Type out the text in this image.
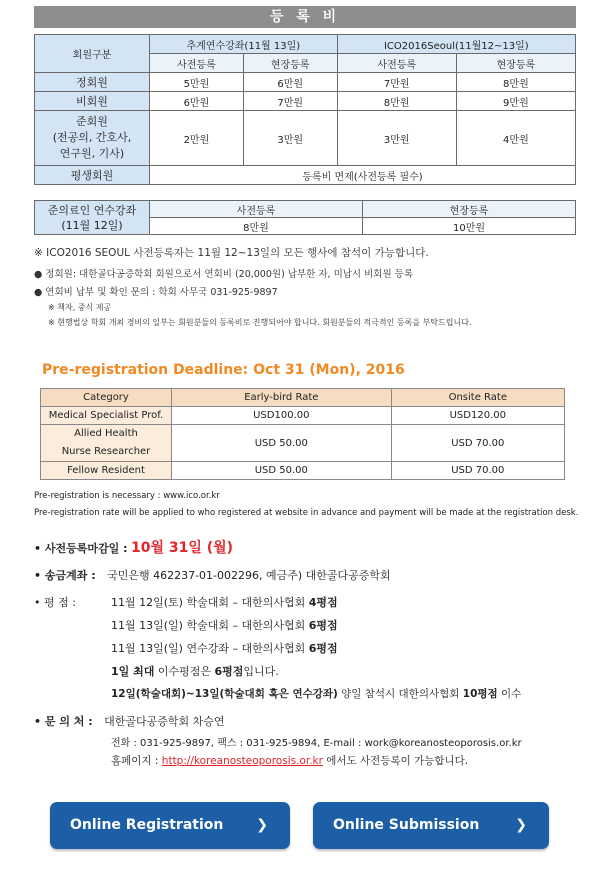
등 록 비
회원구분	추계연수강좌(11월 13일)		ICO2016Seoul(11월12~13일)	
	사전등록	현장등록	사전등록	현장등록
정회원	5만원	6만원	7만원	8만원
비회원	6만원	7만원	8만원	9만원
준회원
(전공의, 간호사,
연구원, 기사)	2만원	3만원	3만원	4만원
평생회원	등록비 면제(사전등록 필수)			
준의료인 연수강좌
(11월 12일)	사전등록	현장등록
	8만원	10만원

※ ICO2016 SEOUL 사전등록자는 11월 12~13일의 모든 행사에 참석이 가능합니다.

● 정회원: 대한골다공증학회 회원으로서 연회비 (20,000원) 납부한 자, 미납시 비회원 등록

● 연회비 납부 및 확인 문의 : 학회 사무국 031-925-9897

※ 책자, 중식 제공

※ 현행법상 학회 개최 경비의 일부는 회원분들의 등록비로 진행되어야 합니다. 회원분들의 적극적인 등록을 부탁드립니다.

Pre-registration Deadline: Oct 31 (Mon), 2016
Category	Early-bird Rate	Onsite Rate
Medical Specialist Prof.	USD100.00	USD120.00
Allied Health
Nurse Researcher	USD 50.00	USD 70.00
Fellow Resident	USD 50.00	USD 70.00
Pre-registration is necessary : www.ico.or.kr
Pre-registration rate will be applied to who registered at website in advance and payment will be made at the registration desk.
• 사전등록마감일 : 10월 31일 (월)
• 송금계좌 : 국민은행 462237-01-002296, 예금주) 대한골다공증학회
• 평 점 :	11월 12일(토) 학술대회 – 대한의사협회 4평점
11월 13일(일) 학술대회 – 대한의사협회 6평점
11월 13일(일) 연수강좌 – 대한의사협회 6평점
1일 최대 이수평점은 6평점입니다.
12일(학술대회)~13일(학술대회 혹은 연수강좌) 양일 참석시 대한의사협회 10평점 이수
• 문 의 처 : 대한골다공증학회 차승연
전화 : 031-925-9897, 팩스 : 031-925-9894, E-mail : work@koreanosteoporosis.or.kr
홈페이지 : http://koreanosteoporosis.or.kr 에서도 사전등록이 가능합니다.
Online Registration ❯	Online Submission	❯
